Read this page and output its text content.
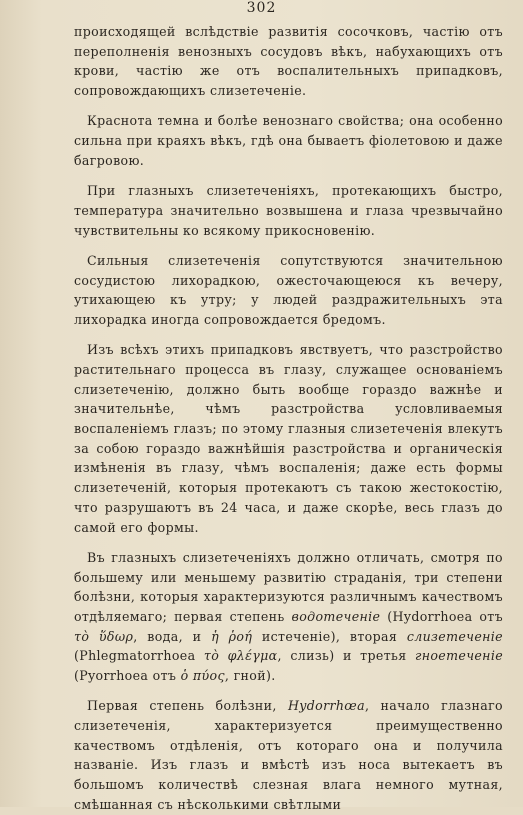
302

происходящей вслѣдствіе развитія сосочковъ, частію отъ переполненія венозныхъ сосудовъ вѣкъ, набухающихъ отъ крови, частію же отъ воспалительныхъ припадковъ, сопровождающихъ слизетеченіе.

Краснота темна и болѣе венознаго свойства; она особенно сильна при краяхъ вѣкъ, гдѣ она бываетъ фіолетовою и даже багровою.

При глазныхъ слизетеченіяхъ, протекающихъ быстро, температура значительно возвышена и глаза чрезвычайно чувствительны ко всякому прикосновенію.

Сильныя слизетеченія сопутствуются значительною сосудистою лихорадкою, ожесточающеюся къ вечеру, утихающею къ утру; у людей раздражительныхъ эта лихорадка иногда сопровождается бредомъ.

Изъ всѣхъ этихъ припадковъ явствуетъ, что разстройство растительнаго процесса въ глазу, служащее основаніемъ слизетеченію, должно быть вообще гораздо важнѣе и значительнѣе, чѣмъ разстройства условливаемыя воспаленіемъ глазъ; по этому глазныя слизетеченія влекутъ за собою гораздо важнѣйшія разстройства и органическія измѣненія въ глазу, чѣмъ воспаленія; даже есть формы слизетеченій, которыя протекаютъ съ такою жестокостію, что разрушаютъ въ 24 часа, и даже скорѣе, весь глазъ до самой его формы.

Въ глазныхъ слизетеченіяхъ должно отличать, смотря по большему или меньшему развитію страданія, три степени болѣзни, которыя характеризуются различнымъ качествомъ отдѣляемаго; первая степень водотеченіе (Hydorrhoea отъ τὸ ὕδωρ, вода, и ἡ ῥοή истеченіе), вторая слизетеченіе (Phlegmatorrhoea τὸ φλέγμα, слизь) и третья гноетеченіе (Pyorrhoea отъ ὁ πύος, гной).

Первая степень болѣзни, Hydorrhœa, начало глазнаго слизетеченія, характеризуется преимущественно качествомъ отдѣленія, отъ котораго она и получила названіе. Изъ глазъ и вмѣстѣ изъ носа вытекаетъ въ большомъ количествѣ слезная влага немного мутная, смѣшанная съ нѣсколькими свѣтлыми
